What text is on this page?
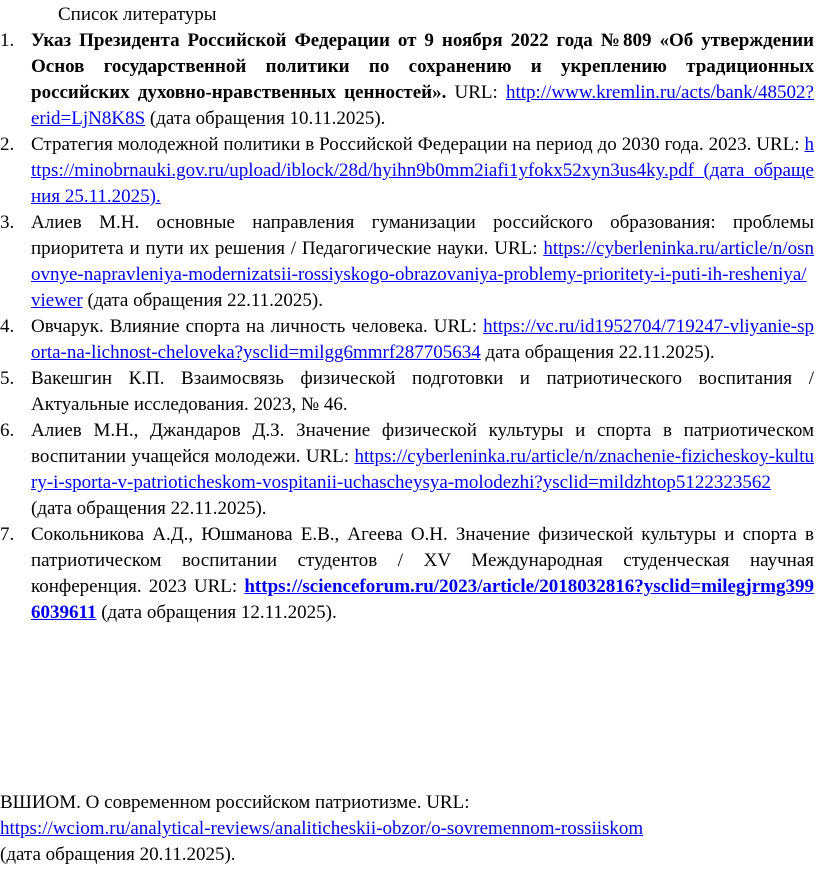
Список литературы
1. Указ Президента Российской Федерации от 9 ноября 2022 года №809 «Об утверждении Основ государственной политики по сохранению и укреплению традиционных российских духовно-нравственных ценностей». URL: http://www.kremlin.ru/acts/bank/48502?erid=LjN8K8S (дата обращения 10.11.2025).
2. Стратегия молодежной политики в Российской Федерации на период до 2030 года. 2023. URL: https://minobrnauki.gov.ru/upload/iblock/28d/hyihn9b0mm2iafi1yfokx52xyn3us4ky.pdf (дата обращения 25.11.2025).
3. Алиев М.Н. основные направления гуманизации российского образования: проблемы приоритета и пути их решения / Педагогические науки. URL: https://cyberleninka.ru/article/n/osnovnye-napravleniya-modernizatsii-rossiyskogo-obrazovaniya-problemy-prioritety-i-puti-ih-resheniya/viewer (дата обращения 22.11.2025).
4. Овчарук. Влияние спорта на личность человека. URL: https://vc.ru/id1952704/719247-vliyanie-sporta-na-lichnost-cheloveka?ysclid=milgg6mmrf287705634 дата обращения 22.11.2025).
5. Вакешгин К.П. Взаимосвязь физической подготовки и патриотического воспитания / Актуальные исследования. 2023, № 46.
6. Алиев М.Н., Джандаров Д.З. Значение физической культуры и спорта в патриотическом воспитании учащейся молодежи. URL: https://cyberleninka.ru/article/n/znachenie-fizicheskoy-kultury-i-sporta-v-patrioticheskom-vospitanii-uchascheysya-molodezhi?ysclid=mildzhtop5122323562 (дата обращения 22.11.2025).
7. Сокольникова А.Д., Юшманова Е.В., Агеева О.Н. Значение физической культуры и спорта в патриотическом воспитании студентов / XV Международная студенческая научная конференция. 2023 URL: https://scienceforum.ru/2023/article/2018032816?ysclid=milegjrmg3996039611 (дата обращения 12.11.2025).
ВШИОМ. О современном российском патриотизме. URL:
https://wciom.ru/analytical-reviews/analiticheskii-obzor/o-sovremennom-rossiiskom
(дата обращения 20.11.2025).
